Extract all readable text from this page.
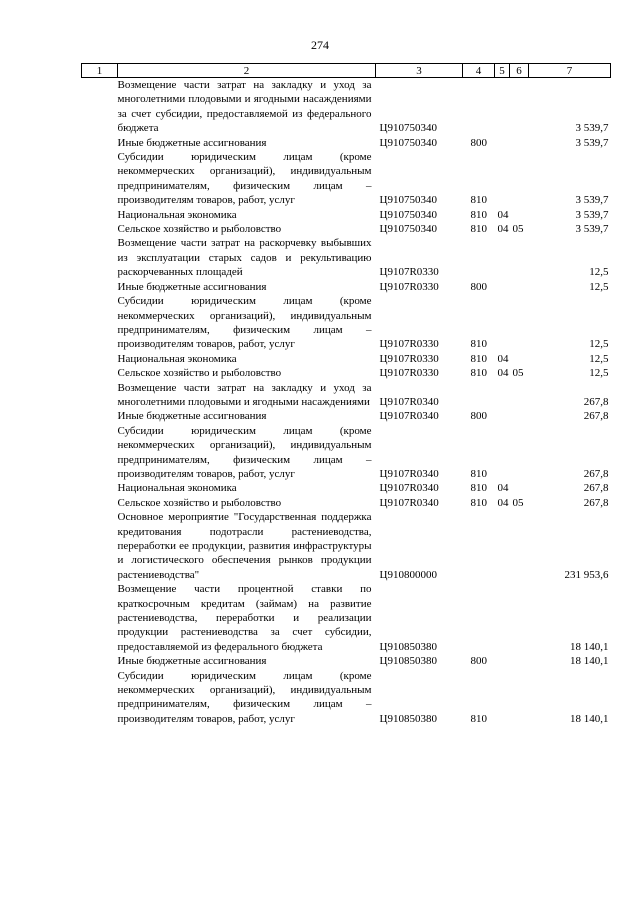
274
1	2	3	4	5	6	7

	Возмещение части затрат на закладку и уход за многолетними плодовыми и ягодными насаждениями за счет субсидии, предоставляемой из федерального бюджета	Ц910750340				3 539,7

	Иные бюджетные ассигнования	Ц910750340	800			3 539,7

	Субсидии юридическим лицам (кроме некоммерческих организаций), индивидуальным предпринимателям, физическим лицам – производителям товаров, работ, услуг	Ц910750340	810			3 539,7

	Национальная экономика	Ц910750340	810	04		3 539,7

	Сельское хозяйство и рыболовство	Ц910750340	810	04	05	3 539,7

	Возмещение части затрат на раскорчевку выбывших из эксплуатации старых садов и рекультивацию раскорчеванных площадей	Ц9107R0330				12,5

	Иные бюджетные ассигнования	Ц9107R0330	800			12,5

	Субсидии юридическим лицам (кроме некоммерческих организаций), индивидуальным предпринимателям, физическим лицам – производителям товаров, работ, услуг	Ц9107R0330	810			12,5

	Национальная экономика	Ц9107R0330	810	04		12,5

	Сельское хозяйство и рыболовство	Ц9107R0330	810	04	05	12,5

	Возмещение части затрат на закладку и уход за многолетними плодовыми и ягодными насаждениями	Ц9107R0340				267,8

	Иные бюджетные ассигнования	Ц9107R0340	800			267,8

	Субсидии юридическим лицам (кроме некоммерческих организаций), индивидуальным предпринимателям, физическим лицам – производителям товаров, работ, услуг	Ц9107R0340	810			267,8

	Национальная экономика	Ц9107R0340	810	04		267,8

	Сельское хозяйство и рыболовство	Ц9107R0340	810	04	05	267,8

	Основное мероприятие "Государственная поддержка кредитования подотрасли растениеводства, переработки ее продукции, развития инфраструктуры и логистического обеспечения рынков продукции растениеводства"	Ц910800000				231 953,6

	Возмещение части процентной ставки по краткосрочным кредитам (займам) на развитие растениеводства, переработки и реализации продукции растениеводства за счет субсидии, предоставляемой из федерального бюджета	Ц910850380				18 140,1

	Иные бюджетные ассигнования	Ц910850380	800			18 140,1

	Субсидии юридическим лицам (кроме некоммерческих организаций), индивидуальным предпринимателям, физическим лицам – производителям товаров, работ, услуг	Ц910850380	810			18 140,1
